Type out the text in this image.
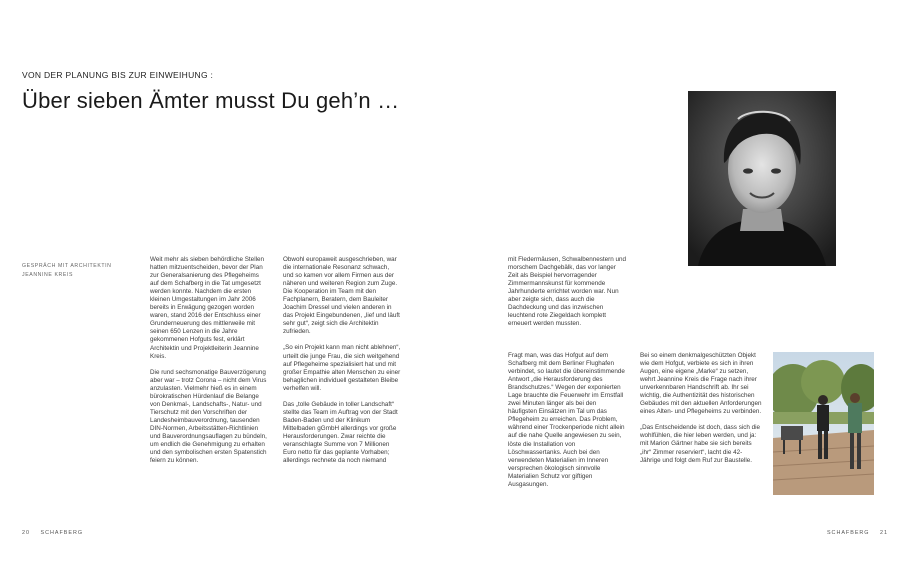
VON DER PLANUNG BIS ZUR EINWEIHUNG :
Über sieben Ämter musst Du geh’n …
GESPRÄCH MIT ARCHITEKTIN
JEANNINE KREIS

Weit mehr als sieben behördliche Stellen hatten mitzuentscheiden, bevor der Plan zur Generalsanierung des Pflegeheims auf dem Schafberg in die Tat umgesetzt werden konnte. Nachdem die ersten kleinen Umgestaltungen im Jahr 2006 bereits in Erwägung gezogen worden waren, stand 2016 der Entschluss einer Grunderneuerung des mittlerweile mit seinen 650 Lenzen in die Jahre gekommenen Hofguts fest, erklärt Architektin und Projektleiterin Jeannine Kreis.

Die rund sechsmonatige Bauverzögerung aber war – trotz Corona – nicht dem Virus anzulasten. Vielmehr hieß es in einem bürokratischen Hürdenlauf die Belange von Denkmal-, Landschafts-, Natur- und Tierschutz mit den Vorschriften der Landesheimbauverordnung, tausenden DIN-Normen, Arbeitsstätten-Richtlinien und Bauverordnungsauflagen zu bündeln, um endlich die Genehmigung zu erhalten und den symbolischen ersten Spatenstich feiern zu können.

Obwohl europaweit ausgeschrieben, war die internationale Resonanz schwach, und so kamen vor allem Firmen aus der näheren und weiteren Region zum Zuge. Die Kooperation im Team mit den Fachplanern, Beratern, dem Bauleiter Joachim Dressel und vielen anderen in das Projekt Eingebundenen, „lief und läuft sehr gut“, zeigt sich die Architektin zufrieden.

„So ein Projekt kann man nicht ablehnen“, urteilt die junge Frau, die sich weitgehend auf Pflegeheime spezialisiert hat und mit großer Empathie alten Menschen zu einer behaglichen individuell gestalteten Bleibe verhelfen will.

Das „tolle Gebäude in toller Landschaft“ stellte das Team im Auftrag von der Stadt Baden-Baden und der Klinikum Mittelbaden gGmbH allerdings vor große Herausforderungen. Zwar reichte die veranschlagte Summe von 7 Millionen Euro netto für das geplante Vorhaben; allerdings rechnete da noch niemand

mit Fledermäusen, Schwalbennestern und morschem Dachgebälk, das vor langer Zeit als Beispiel hervorragender Zimmermannskunst für kommende Jahrhunderte errichtet worden war. Nun aber zeigte sich, dass auch die Dachdeckung und das inzwischen leuchtend rote Ziegeldach komplett erneuert werden mussten.

Fragt man, was das Hofgut auf dem Schafberg mit dem Berliner Flughafen verbindet, so lautet die übereinstimmende Antwort „die Herausforderung des Brandschutzes.“ Wegen der exponierten Lage brauchte die Feuerwehr im Ernstfall zwei Minuten länger als bei den häufigsten Einsätzen im Tal um das Pflegeheim zu erreichen. Das Problem, während einer Trockenperiode nicht allein auf die nahe Quelle angewiesen zu sein, löste die Installation von Löschwassertanks. Auch bei den verwendeten Materialien im Inneren versprechen ökologisch sinnvolle Materialien Schutz vor giftigen Ausgasungen.

Bei so einem denkmalgeschützten Objekt wie dem Hofgut, verbiete es sich in ihren Augen, eine eigene „Marke“ zu setzen, wehrt Jeannine Kreis die Frage nach ihrer unverkennbaren Handschrift ab. Ihr sei wichtig, die Authentizität des historischen Gebäudes mit den aktuellen Anforderungen eines Alten- und Pflegeheims zu verbinden.

„Das Entscheidende ist doch, dass sich die wohlfühlen, die hier leben werden, und ja: mit Marion Gärtner habe sie sich bereits „ihr“ Zimmer reserviert“, lacht die 42-Jährige und folgt dem Ruf zur Baustelle.

20 SCHAFBERG	SCHAFBERG 21
